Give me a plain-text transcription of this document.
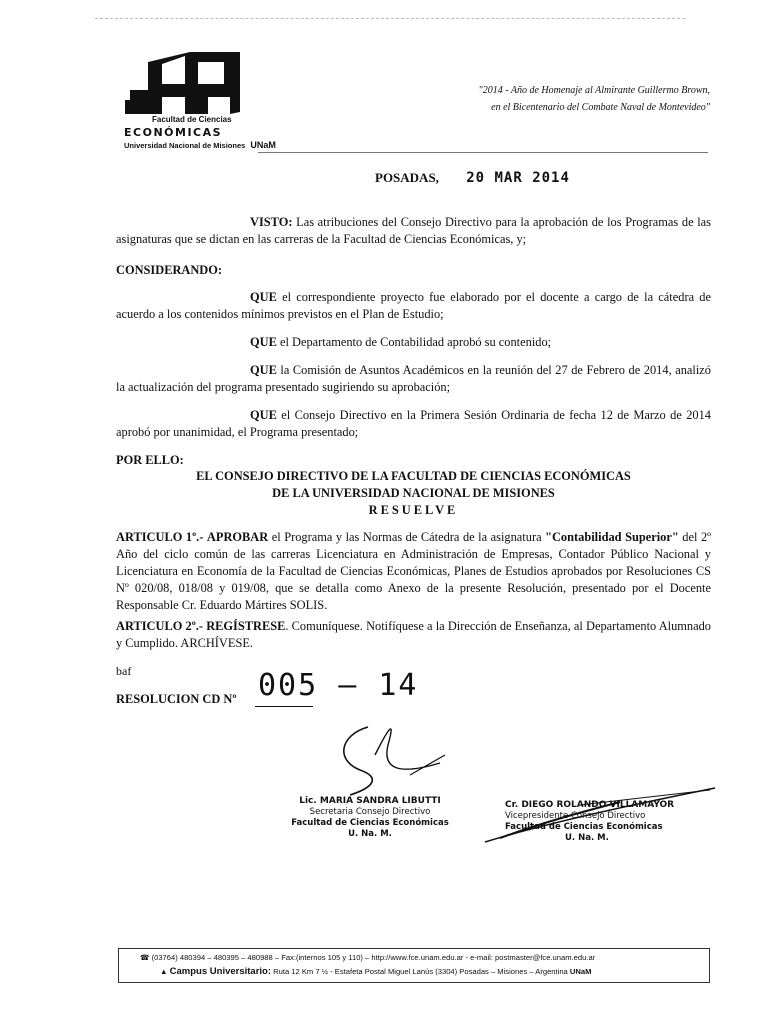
Facultad de Ciencias
ECONÓMICAS
Universidad Nacional de Misiones UNaM
"2014 - Año de Homenaje al Almirante Guillermo Brown,
en el Bicentenario del Combate Naval de Montevideo"
POSADAS, 20 MAR 2014
VISTO: Las atribuciones del Consejo Directivo para la aprobación de los Programas de las asignaturas que se dictan en las carreras de la Facultad de Ciencias Económicas, y;
CONSIDERANDO:
QUE el correspondiente proyecto fue elaborado por el docente a cargo de la cátedra de acuerdo a los contenidos mínimos previstos en el Plan de Estudio;
QUE el Departamento de Contabilidad aprobó su contenido;
QUE la Comisión de Asuntos Académicos en la reunión del 27 de Febrero de 2014, analizó la actualización del programa presentado sugiriendo su aprobación;
QUE el Consejo Directivo en la Primera Sesión Ordinaria de fecha 12 de Marzo de 2014 aprobó por unanimidad, el Programa presentado;
POR ELLO:
EL CONSEJO DIRECTIVO DE LA FACULTAD DE CIENCIAS ECONÓMICAS
DE LA UNIVERSIDAD NACIONAL DE MISIONES
RESUELVE
ARTICULO 1º.- APROBAR el Programa y las Normas de Cátedra de la asignatura "Contabilidad Superior" del 2º Año del ciclo común de las carreras Licenciatura en Administración de Empresas, Contador Público Nacional y Licenciatura en Economía de la Facultad de Ciencias Económicas, Planes de Estudios aprobados por Resoluciones CS Nº 020/08, 018/08 y 019/08, que se detalla como Anexo de la presente Resolución, presentado por el Docente Responsable Cr. Eduardo Mártires SOLIS.
ARTICULO 2º.- REGÍSTRESE. Comuníquese. Notifíquese a la Dirección de Enseñanza, al Departamento Alumnado y Cumplido. ARCHÍVESE.
baf
RESOLUCION CD Nº 005 – 14
Lic. MARIA SANDRA LIBUTTI
Secretaria Consejo Directivo
Facultad de Ciencias Económicas
U. Na. M.
Cr. DIEGO ROLANDO VILLAMAYOR
Vicepresidente Consejo Directivo
Facultad de Ciencias Económicas
U. Na. M.
☎ (03764) 480394 – 480395 – 480988 – Fax:(internos 105 y 110) – http://www.fce.unam.edu.ar - e-mail: postmaster@fce.unam.edu.ar
▲ Campus Universitario: Ruta 12 Km 7 ½ - Estafeta Postal Miguel Lanús (3304) Posadas – Misiones – Argentina UNaM
